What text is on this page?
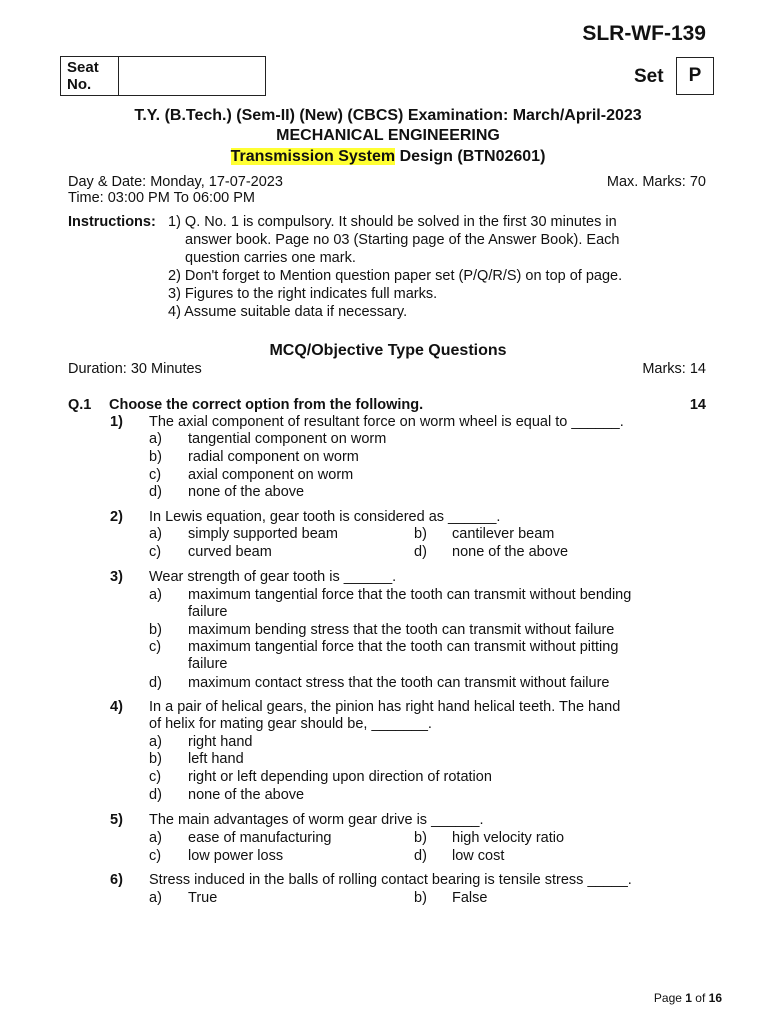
SLR-WF-139
Seat
No.	Set	P
T.Y. (B.Tech.) (Sem-II) (New) (CBCS) Examination: March/April-2023
MECHANICAL ENGINEERING
Transmission System Design (BTN02601)
Day & Date: Monday, 17-07-2023
Time: 03:00 PM To 06:00 PM
Max. Marks: 70
Instructions: 1) Q. No. 1 is compulsory. It should be solved in the first 30 minutes in
answer book. Page no 03 (Starting page of the Answer Book). Each
question carries one mark.
2) Don't forget to Mention question paper set (P/Q/R/S) on top of page.
3) Figures to the right indicates full marks.
4) Assume suitable data if necessary.
MCQ/Objective Type Questions
Duration: 30 Minutes	Marks: 14
Q.1 Choose the correct option from the following.	14
1) The axial component of resultant force on worm wheel is equal to ______.
a) tangential component on worm
b) radial component on worm
c) axial component on worm
d) none of the above
2) In Lewis equation, gear tooth is considered as ______.
a) simply supported beam	b) cantilever beam
c) curved beam	d) none of the above
3) Wear strength of gear tooth is ______.
a) maximum tangential force that the tooth can transmit without bending
failure
b) maximum bending stress that the tooth can transmit without failure
c) maximum tangential force that the tooth can transmit without pitting
failure
d) maximum contact stress that the tooth can transmit without failure
4) In a pair of helical gears, the pinion has right hand helical teeth. The hand
of helix for mating gear should be, _______.
a) right hand
b) left hand
c) right or left depending upon direction of rotation
d) none of the above
5) The main advantages of worm gear drive is ______.
a) ease of manufacturing	b) high velocity ratio
c) low power loss	d) low cost
6) Stress induced in the balls of rolling contact bearing is tensile stress _____.
a) True	b) False
Page 1 of 16
